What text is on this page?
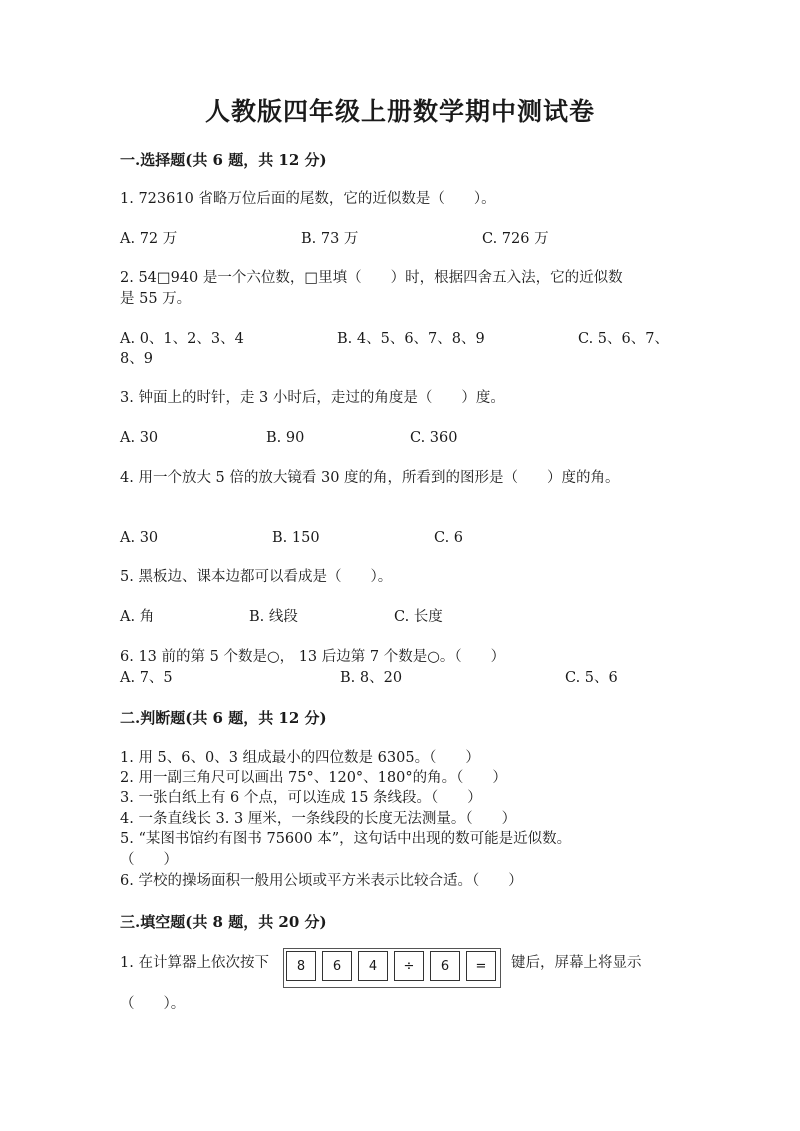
人教版四年级上册数学期中测试卷
一.选择题(共 6 题，共 12 分)
1. 723610 省略万位后面的尾数，它的近似数是（　　）。
A. 72 万	B. 73 万	C. 726 万
2. 54□940 是一个六位数，□里填（　　）时，根据四舍五入法，它的近似数
是 55 万。
A. 0、1、2、3、4	B. 4、5、6、7、8、9	C. 5、6、7、
8、9
3. 钟面上的时针，走 3 小时后，走过的角度是（　　）度。
A. 30	B. 90	C. 360
4. 用一个放大 5 倍的放大镜看 30 度的角，所看到的图形是（　　）度的角。
A. 30	B. 150	C. 6
5. 黑板边、课本边都可以看成是（　　）。
A. 角	B. 线段	C. 长度
6. 13 前的第 5 个数是○， 13 后边第 7 个数是○。（　　）
A. 7、5	B. 8、20	C. 5、6
二.判断题(共 6 题，共 12 分)
1. 用 5、6、0、3 组成最小的四位数是 6305。（　　）
2. 用一副三角尺可以画出 75°、120°、180°的角。（　　）
3. 一张白纸上有 6 个点，可以连成 15 条线段。（　　）
4. 一条直线长 3. 3 厘米，一条线段的长度无法测量。（　　）
5. “某图书馆约有图书 75600 本”，这句话中出现的数可能是近似数。
（　　）
6. 学校的操场面积一般用公顷或平方米表示比较合适。（　　）
三.填空题(共 8 题，共 20 分)
1. 在计算器上依次按下	8	6	4	÷	6	=	键后，屏幕上将显示
（　　）。
